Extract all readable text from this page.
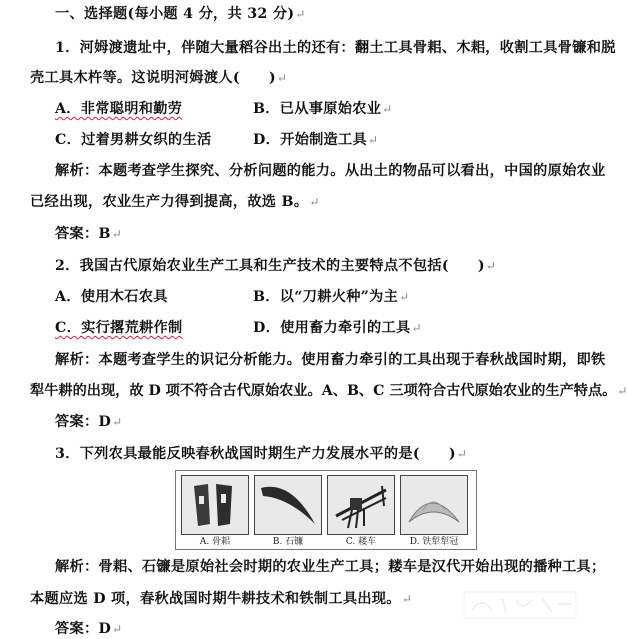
一、选择题(每小题 4 分，共 32 分)↵
1．河姆渡遗址中，伴随大量稻谷出土的还有：翻土工具骨耜、木耜，收割工具骨镰和脱
壳工具木杵等。这说明河姆渡人(　　)↵
A．非常聪明和勤劳	B．已从事原始农业↵
C．过着男耕女织的生活	D．开始制造工具↵
解析：本题考查学生探究、分析问题的能力。从出土的物品可以看出，中国的原始农业
已经出现，农业生产力得到提高，故选 B。↵
答案：B↵
2．我国古代原始农业生产工具和生产技术的主要特点不包括(　　)↵
A．使用木石农具	B．以“刀耕火种”为主↵
C．实行撂荒耕作制	D．使用畜力牵引的工具↵
解析：本题考查学生的识记分析能力。使用畜力牵引的工具出现于春秋战国时期，即铁
犁牛耕的出现，故 D 项不符合古代原始农业。A、B、C 三项符合古代原始农业的生产特点。↵
答案：D↵
3．下列农具最能反映春秋战国时期生产力发展水平的是(　　)↵
A. 骨耜	B. 石镰	C. 耧车	D. 铁犁犁冠
解析：骨耜、石镰是原始社会时期的农业生产工具；耧车是汉代开始出现的播种工具；
本题应选 D 项，春秋战国时期牛耕技术和铁制工具出现。↵
答案：D↵
